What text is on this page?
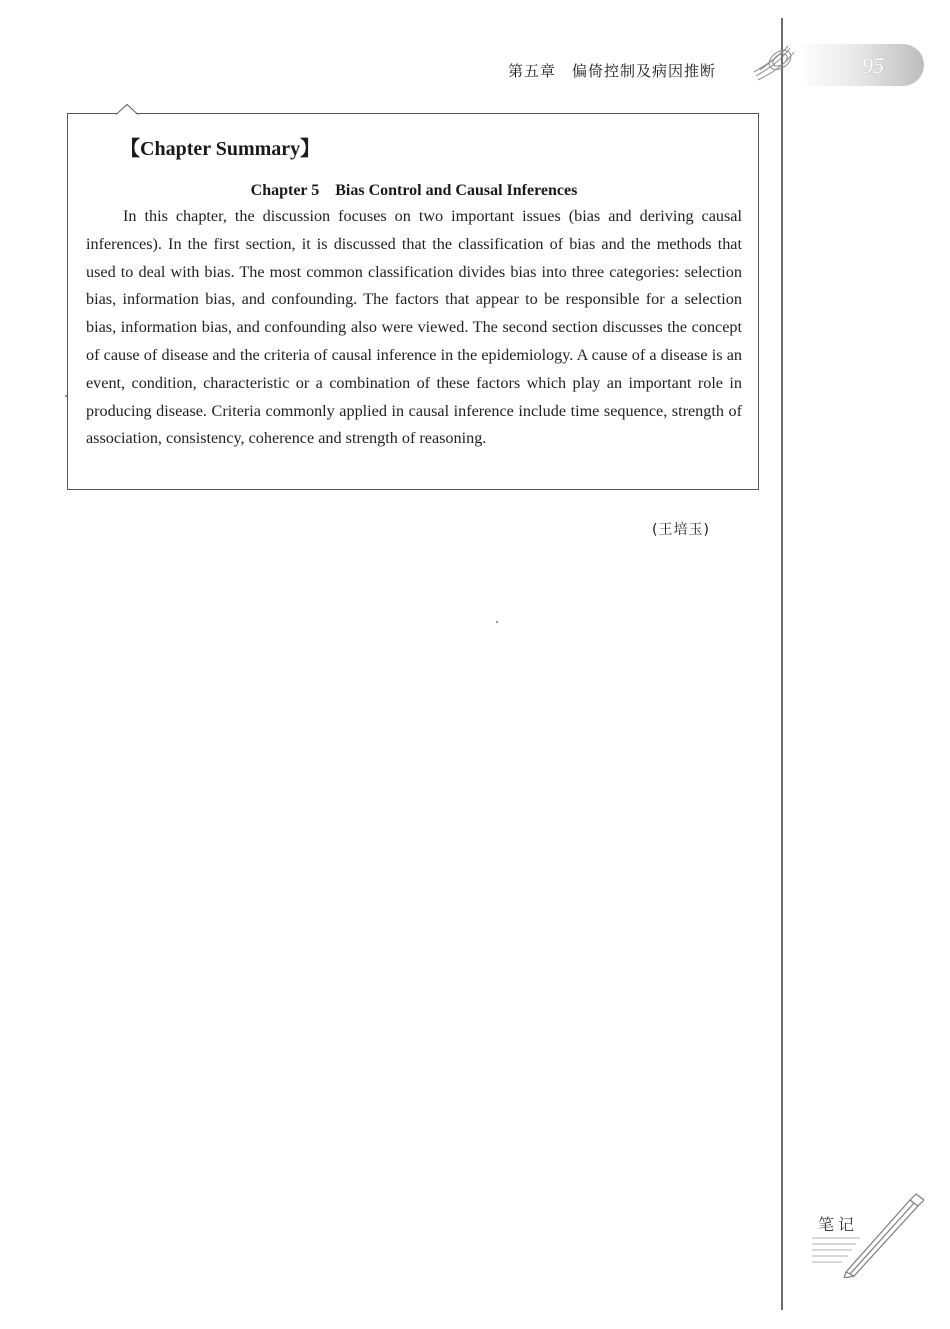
第五章　偏倚控制及病因推断	95
【Chapter Summary】
Chapter 5　Bias Control and Causal Inferences

In this chapter, the discussion focuses on two important issues (bias and deriving causal inferences). In the first section, it is discussed that the classification of bias and the methods that used to deal with bias. The most common classification divides bias into three categories: selection bias, information bias, and confounding. The factors that appear to be responsible for a selection bias, information bias, and confounding also were viewed. The second section discusses the concept of cause of disease and the criteria of causal inference in the epidemiology. A cause of a disease is an event, condition, characteristic or a combination of these factors which play an important role in producing disease. Criteria commonly applied in causal inference include time sequence, strength of association, consistency, coherence and strength of reasoning.

(王培玉)
笔记
